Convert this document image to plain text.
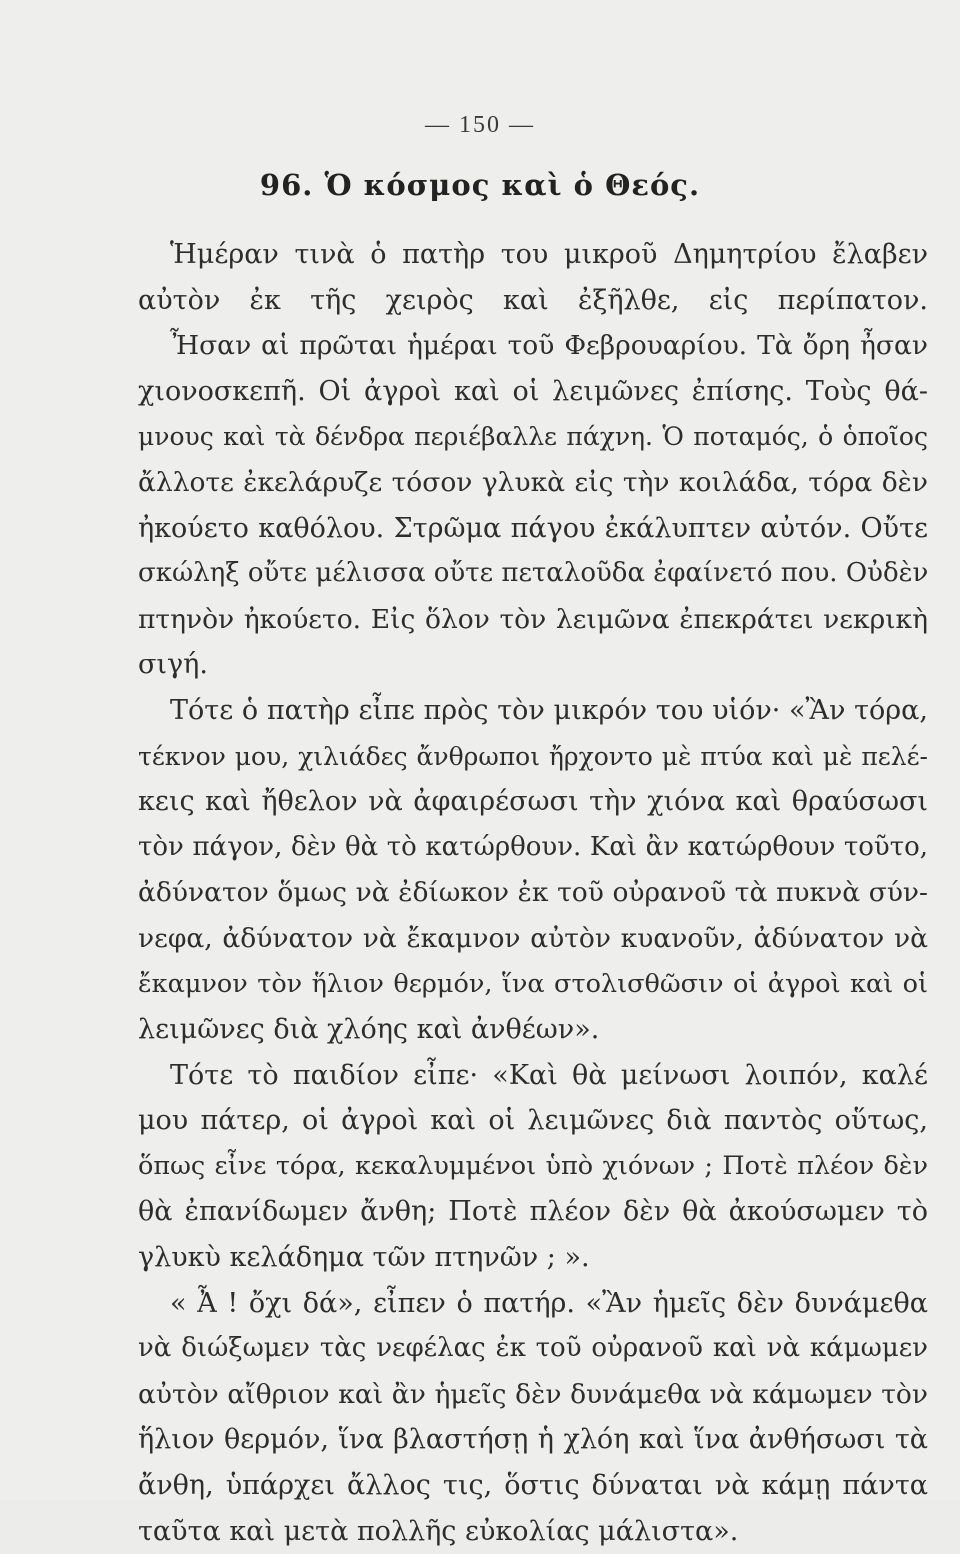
— 150 —
96. Ὁ κόσμος καὶ ὁ Θεός.
Ἡμέραν τινὰ ὁ πατὴρ του μικροῦ Δημητρίου ἔλαβεν
αὐτὸν ἐκ τῆς χειρὸς καὶ ἐξῆλθε, εἰς περίπατον.
Ἦσαν αἱ πρῶται ἡμέραι τοῦ Φεβρουαρίου. Τὰ ὄρη ἦσαν
χιονοσκεπῆ. Οἱ ἀγροὶ καὶ οἱ λειμῶνες ἐπίσης. Τοὺς θά-
μνους καὶ τὰ δένδρα περιέβαλλε πάχνη. Ὁ ποταμός, ὁ ὁποῖος
ἄλλοτε ἐκελάρυζε τόσον γλυκὰ εἰς τὴν κοιλάδα, τόρα δὲν
ἠκούετο καθόλου. Στρῶμα πάγου ἐκάλυπτεν αὐτόν. Οὔτε
σκώληξ οὔτε μέλισσα οὔτε πεταλοῦδα ἐφαίνετό που. Οὐδὲν
πτηνὸν ἠκούετο. Εἰς ὅλον τὸν λειμῶνα ἐπεκράτει νεκρικὴ
σιγή.
Τότε ὁ πατὴρ εἶπε πρὸς τὸν μικρόν του υἱόν· «Ἂν τόρα,
τέκνον μου, χιλιάδες ἄνθρωποι ἤρχοντο μὲ πτύα καὶ μὲ πελέ-
κεις καὶ ἤθελον νὰ ἀφαιρέσωσι τὴν χιόνα καὶ θραύσωσι
τὸν πάγον, δὲν θὰ τὸ κατώρθουν. Καὶ ἂν κατώρθουν τοῦτο,
ἀδύνατον ὅμως νὰ ἐδίωκον ἐκ τοῦ οὐρανοῦ τὰ πυκνὰ σύν-
νεφα, ἀδύνατον νὰ ἔκαμνον αὐτὸν κυανοῦν, ἀδύνατον νὰ
ἔκαμνον τὸν ἥλιον θερμόν, ἵνα στολισθῶσιν οἱ ἀγροὶ καὶ οἱ
λειμῶνες διὰ χλόης καὶ ἀνθέων».
Τότε τὸ παιδίον εἶπε· «Καὶ θὰ μείνωσι λοιπόν, καλέ
μου πάτερ, οἱ ἀγροὶ καὶ οἱ λειμῶνες διὰ παντὸς οὕτως,
ὅπως εἶνε τόρα, κεκαλυμμένοι ὑπὸ χιόνων ; Ποτὲ πλέον δὲν
θὰ ἐπανίδωμεν ἄνθη; Ποτὲ πλέον δὲν θὰ ἀκούσωμεν τὸ
γλυκὺ κελάδημα τῶν πτηνῶν ; ».
« Ἆ ! ὄχι δά», εἶπεν ὁ πατήρ. «Ἂν ἡμεῖς δὲν δυνάμεθα
νὰ διώξωμεν τὰς νεφέλας ἐκ τοῦ οὐρανοῦ καὶ νὰ κάμωμεν
αὐτὸν αἴθριον καὶ ἂν ἡμεῖς δὲν δυνάμεθα νὰ κάμωμεν τὸν
ἥλιον θερμόν, ἵνα βλαστήσῃ ἡ χλόη καὶ ἵνα ἀνθήσωσι τὰ
ἄνθη, ὑπάρχει ἄλλος τις, ὅστις δύναται νὰ κάμῃ πάντα
ταῦτα καὶ μετὰ πολλῆς εὐκολίας μάλιστα».
